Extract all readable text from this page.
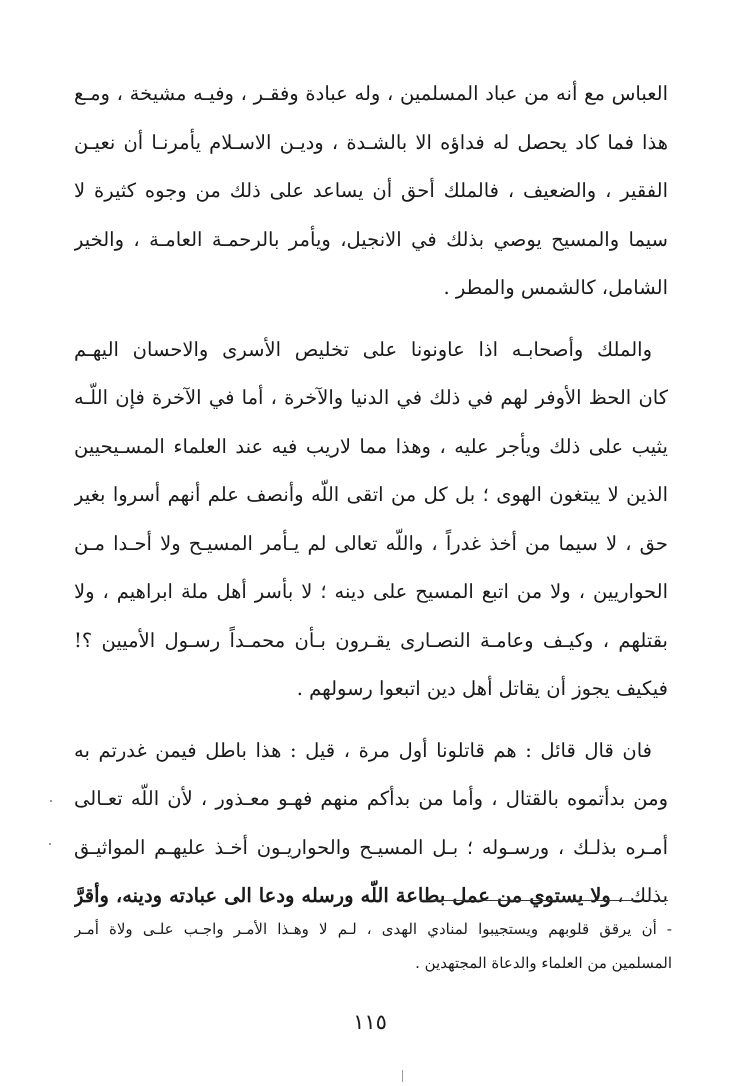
العباس مع أنه من عباد المسلمين ، وله عبادة وفقـر ، وفيـه مشيخة ، ومـع
هذا فما كاد يحصل له فداؤه الا بالشـدة ، وديـن الاسـلام يأمرنـا أن نعيـن
الفقير ، والضعيف ، فالملك أحق أن يساعد على ذلك من وجوه كثيرة لا
سيما والمسيح يوصي بذلك في الانجيل، ويأمر بالرحمـة العامـة ، والخير
الشامل، كالشمس والمطر .
والملك وأصحابـه اذا عاونونا على تخليص الأسرى والاحسان اليهـم
كان الحظ الأوفر لهم في ذلك في الدنيا والآخرة ، أما في الآخرة فإن اللّـه
يثيب على ذلك ويأجر عليه ، وهذا مما لاريب فيه عند العلماء المسـيحيين
الذين لا يبتغون الهوى ؛ بل كل من اتقى اللّه وأنصف علم أنهم أسروا بغير
حق ، لا سيما من أخذ غدراً ، واللّه تعالى لم يـأمر المسيـح ولا أحـدا مـن
الحواريين ، ولا من اتبع المسيح على دينه ؛ لا بأسر أهل ملة ابراهيم ، ولا
بقتلهم ، وكيـف وعامـة النصـارى يقـرون بـأن محمـداً رسـول الأميين ؟!
فيكيف يجوز أن يقاتل أهل دين اتبعوا رسولهم .
فان قال قائل : هم قاتلونا أول مرة ، قيل : هذا باطل فيمن غدرتم به
ومن بدأتموه بالقتال ، وأما من بدأكم منهم فهـو معـذور ، لأن اللّه تعـالى
أمـره بذلـك ، ورسـوله ؛ بـل المسيـح والحواريـون أخـذ عليهـم المواثيـق
بذلك ، ولا يستوي من عمل بطاعة اللّه ورسله ودعا الى عبادته ودينه، وأقرَّ
- أن يرقق قلوبهم ويستجيبوا لمنادي الهدى ، لـم لا وهـذا الأمـر واجـب علـى ولاة أمـر
المسلمين من العلماء والدعاة المجتهدين .
١١٥
